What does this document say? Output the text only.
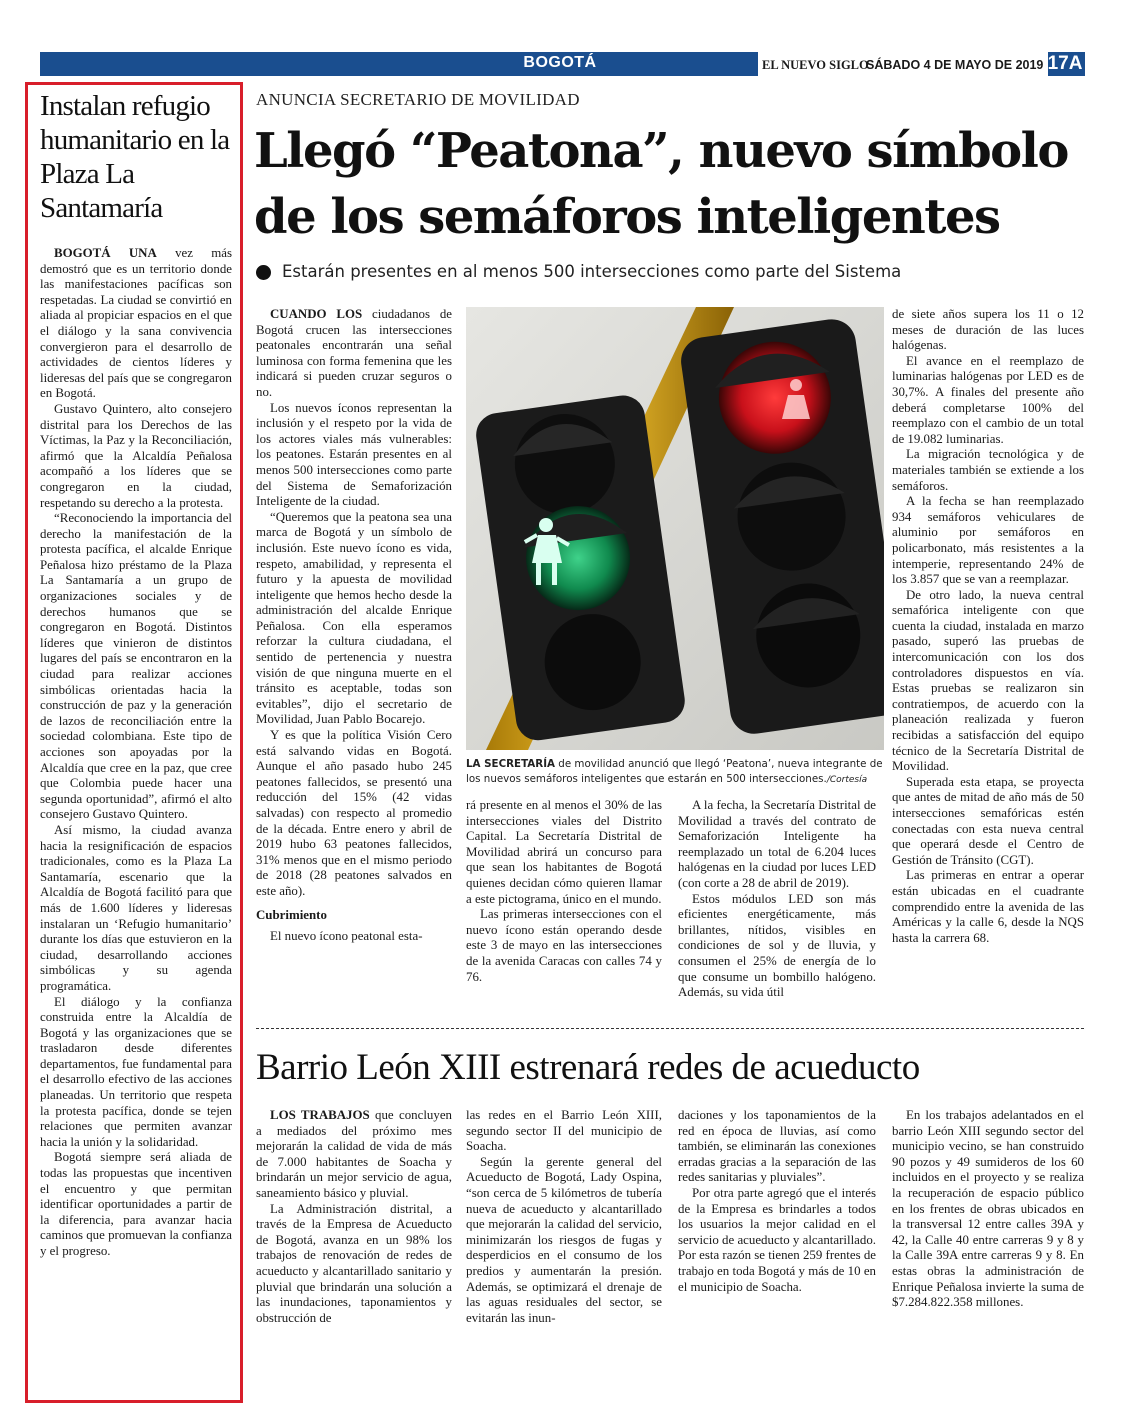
BOGOTÁ	EL NUEVO SIGLO
SÁBADO 4 DE MAYO DE 2019 17A
Instalan refugio humanitario en la Plaza La Santamaría

BOGOTÁ UNA vez más demostró que es un territorio donde las manifestaciones pacíficas son respetadas. La ciudad se convirtió en aliada al propiciar espacios en el que el diálogo y la sana convivencia convergieron para el desarrollo de actividades de cientos líderes y lideresas del país que se congregaron en Bogotá.

Gustavo Quintero, alto consejero distrital para los Derechos de las Víctimas, la Paz y la Reconciliación, afirmó que la Alcaldía Peñalosa acompañó a los líderes que se congregaron en la ciudad, respetando su derecho a la protesta.

“Reconociendo la importancia del derecho la manifestación de la protesta pacífica, el alcalde Enrique Peñalosa hizo préstamo de la Plaza La Santamaría a un grupo de organizaciones sociales y de derechos humanos que se congregaron en Bogotá. Distintos líderes que vinieron de distintos lugares del país se encontraron en la ciudad para realizar acciones simbólicas orientadas hacia la construcción de paz y la generación de lazos de reconciliación entre la sociedad colombiana. Este tipo de acciones son apoyadas por la Alcaldía que cree en la paz, que cree que Colombia puede hacer una segunda oportunidad”, afirmó el alto consejero Gustavo Quintero.

Así mismo, la ciudad avanza hacia la resignificación de espacios tradicionales, como es la Plaza La Santamaría, escenario que la Alcaldía de Bogotá facilitó para que más de 1.600 líderes y lideresas instalaran un ‘Refugio humanitario’ durante los días que estuvieron en la ciudad, desarrollando acciones simbólicas y su agenda programática.

El diálogo y la confianza construida entre la Alcaldía de Bogotá y las organizaciones que se trasladaron desde diferentes departamentos, fue fundamental para el desarrollo efectivo de las acciones planeadas. Un territorio que respeta la protesta pacífica, donde se tejen relaciones que permiten avanzar hacia la unión y la solidaridad.

Bogotá siempre será aliada de todas las propuestas que incentiven el encuentro y que permitan identificar oportunidades a partir de la diferencia, para avanzar hacia caminos que promuevan la confianza y el progreso.

ANUNCIA SECRETARIO DE MOVILIDAD
Llegó “Peatona”, nuevo símbolo de los semáforos inteligentes
Estarán presentes en al menos 500 intersecciones como parte del Sistema

CUANDO LOS ciudadanos de Bogotá crucen las intersecciones peatonales encontrarán una señal luminosa con forma femenina que les indicará si pueden cruzar seguros o no.

Los nuevos íconos representan la inclusión y el respeto por la vida de los actores viales más vulnerables: los peatones. Estarán presentes en al menos 500 intersecciones como parte del Sistema de Semaforización Inteligente de la ciudad.

“Queremos que la peatona sea una marca de Bogotá y un símbolo de inclusión. Este nuevo ícono es vida, respeto, amabilidad, y representa el futuro y la apuesta de movilidad inteligente que hemos hecho desde la administración del alcalde Enrique Peñalosa. Con ella esperamos reforzar la cultura ciudadana, el sentido de pertenencia y nuestra visión de que ninguna muerte en el tránsito es aceptable, todas son evitables”, dijo el secretario de Movilidad, Juan Pablo Bocarejo.

Y es que la política Visión Cero está salvando vidas en Bogotá. Aunque el año pasado hubo 245 peatones fallecidos, se presentó una reducción del 15% (42 vidas salvadas) con respecto al promedio de la década. Entre enero y abril de 2019 hubo 63 peatones fallecidos, 31% menos que en el mismo periodo de 2018 (28 peatones salvados en este año).

Cubrimiento

El nuevo ícono peatonal esta-

LA SECRETARÍA de movilidad anunció que llegó ‘Peatona’, nueva integrante de los nuevos semáforos inteligentes que estarán en 500 intersecciones./Cortesía

rá presente en al menos el 30% de las intersecciones viales del Distrito Capital. La Secretaría Distrital de Movilidad abrirá un concurso para que sean los habitantes de Bogotá quienes decidan cómo quieren llamar a este pictograma, único en el mundo.

Las primeras intersecciones con el nuevo ícono están operando desde este 3 de mayo en las intersecciones de la avenida Caracas con calles 74 y 76.

A la fecha, la Secretaría Distrital de Movilidad a través del contrato de Semaforización Inteligente ha reemplazado un total de 6.204 luces halógenas en la ciudad por luces LED (con corte a 28 de abril de 2019).

Estos módulos LED son más eficientes energéticamente, más brillantes, nítidos, visibles en condiciones de sol y de lluvia, y consumen el 25% de energía de lo que consume un bombillo halógeno. Además, su vida útil

de siete años supera los 11 o 12 meses de duración de las luces halógenas.

El avance en el reemplazo de luminarias halógenas por LED es de 30,7%. A finales del presente año deberá completarse 100% del reemplazo con el cambio de un total de 19.082 luminarias.

La migración tecnológica y de materiales también se extiende a los semáforos.

A la fecha se han reemplazado 934 semáforos vehiculares de aluminio por semáforos en policarbonato, más resistentes a la intemperie, representando 24% de los 3.857 que se van a reemplazar.

De otro lado, la nueva central semafórica inteligente con que cuenta la ciudad, instalada en marzo pasado, superó las pruebas de intercomunicación con los dos controladores dispuestos en vía. Estas pruebas se realizaron sin contratiempos, de acuerdo con la planeación realizada y fueron recibidas a satisfacción del equipo técnico de la Secretaría Distrital de Movilidad.

Superada esta etapa, se proyecta que antes de mitad de año más de 50 intersecciones semafóricas estén conectadas con esta nueva central que operará desde el Centro de Gestión de Tránsito (CGT).

Las primeras en entrar a operar están ubicadas en el cuadrante comprendido entre la avenida de las Américas y la calle 6, desde la NQS hasta la carrera 68.

Barrio León XIII estrenará redes de acueducto

LOS TRABAJOS que concluyen a mediados del próximo mes mejorarán la calidad de vida de más de 7.000 habitantes de Soacha y brindarán un mejor servicio de agua, saneamiento básico y pluvial.

La Administración distrital, a través de la Empresa de Acueducto de Bogotá, avanza en un 98% los trabajos de renovación de redes de acueducto y alcantarillado sanitario y pluvial que brindarán una solución a las inundaciones, taponamientos y obstrucción de

las redes en el Barrio León XIII, segundo sector II del municipio de Soacha.

Según la gerente general del Acueducto de Bogotá, Lady Ospina, “son cerca de 5 kilómetros de tubería nueva de acueducto y alcantarillado que mejorarán la calidad del servicio, minimizarán los riesgos de fugas y desperdicios en el consumo de los predios y aumentarán la presión. Además, se optimizará el drenaje de las aguas residuales del sector, se evitarán las inun-

daciones y los taponamientos de la red en época de lluvias, así como también, se eliminarán las conexiones erradas gracias a la separación de las redes sanitarias y pluviales”.

Por otra parte agregó que el interés de la Empresa es brindarles a todos los usuarios la mejor calidad en el servicio de acueducto y alcantarillado. Por esta razón se tienen 259 frentes de trabajo en toda Bogotá y más de 10 en el municipio de Soacha.

En los trabajos adelantados en el barrio León XIII segundo sector del municipio vecino, se han construido 90 pozos y 49 sumideros de los 60 incluidos en el proyecto y se realiza la recuperación de espacio público en los frentes de obras ubicados en la transversal 12 entre calles 39A y 42, la Calle 40 entre carreras 9 y 8 y la Calle 39A entre carreras 9 y 8. En estas obras la administración de Enrique Peñalosa invierte la suma de $7.284.822.358 millones.
